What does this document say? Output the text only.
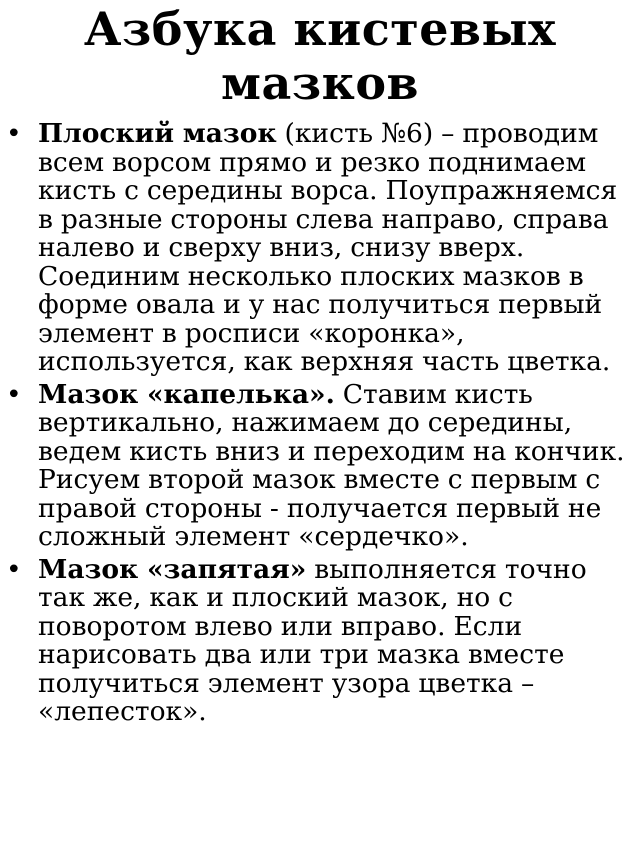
Азбука кистевых мазков
• Плоский мазок (кисть №6) – проводим всем ворсом прямо и резко поднимаем кисть с середины ворса. Поупражняемся в разные стороны слева направо, справа налево и сверху вниз, снизу вверх. Соединим несколько плоских мазков в форме овала и у нас получиться первый элемент в росписи «коронка», используется, как верхняя часть цветка.
• Мазок «капелька». Ставим кисть вертикально, нажимаем до середины, ведем кисть вниз и переходим на кончик. Рисуем второй мазок вместе с первым с правой стороны - получается первый не сложный элемент «сердечко».
• Мазок «запятая» выполняется точно так же, как и плоский мазок, но с поворотом влево или вправо. Если нарисовать два или три мазка вместе получиться элемент узора цветка – «лепесток».
